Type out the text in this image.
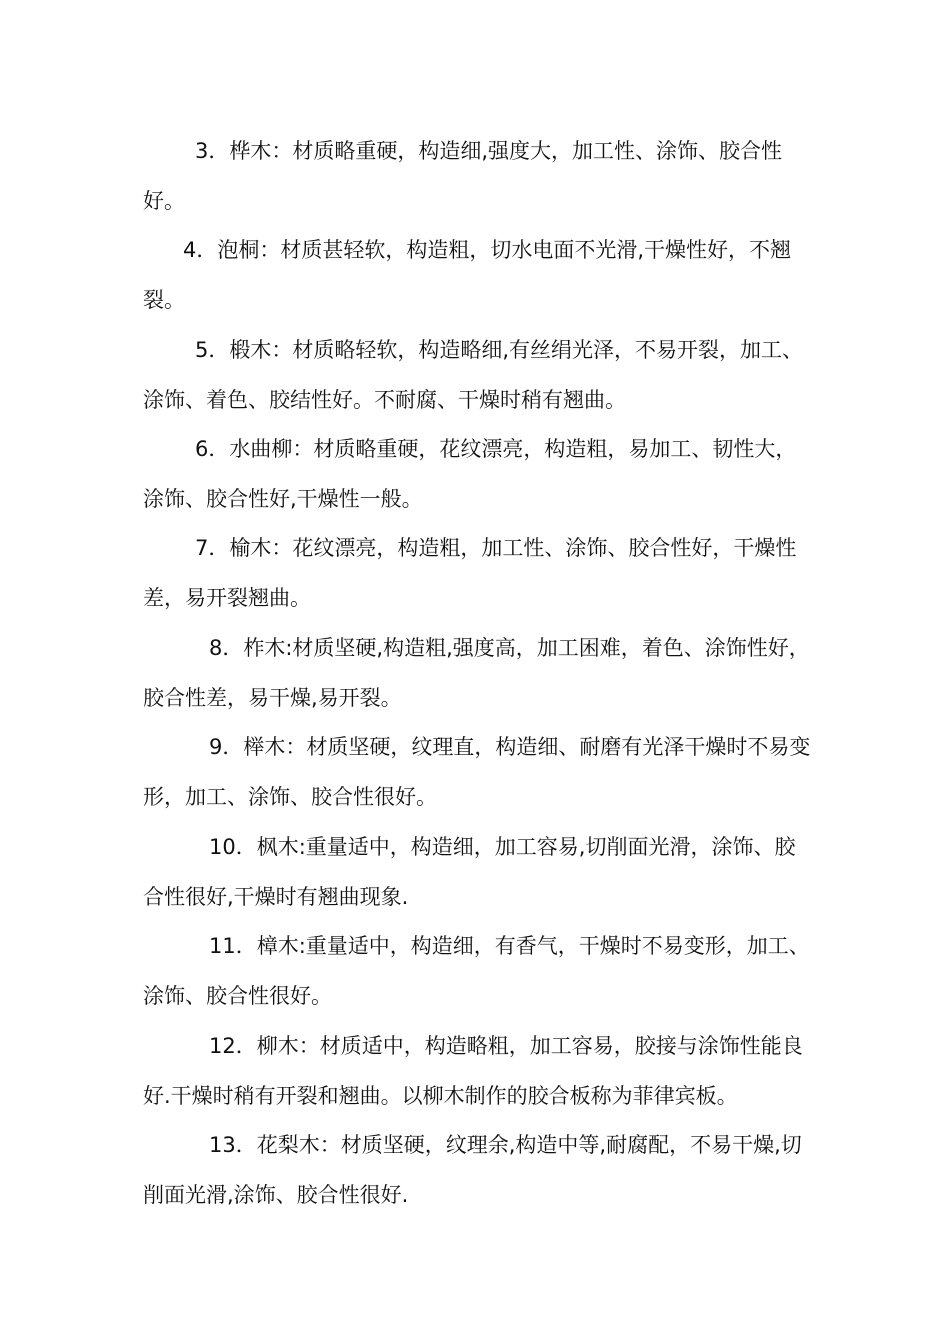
3．桦木：材质略重硬，构造细,强度大，加工性、涂饰、胶合性好。

4．泡桐：材质甚轻软，构造粗，切水电面不光滑,干燥性好，不翘裂。

5．椴木：材质略轻软，构造略细,有丝绢光泽，不易开裂，加工、涂饰、着色、胶结性好。不耐腐、干燥时稍有翘曲。

6．水曲柳：材质略重硬，花纹漂亮，构造粗，易加工、韧性大，涂饰、胶合性好,干燥性一般。

7．榆木：花纹漂亮，构造粗，加工性、涂饰、胶合性好，干燥性差，易开裂翘曲。

8．柞木:材质坚硬,构造粗,强度高，加工困难，着色、涂饰性好，胶合性差，易干燥,易开裂。

9．榉木：材质坚硬，纹理直，构造细、耐磨有光泽干燥时不易变形，加工、涂饰、胶合性很好。

10．枫木:重量适中，构造细，加工容易,切削面光滑，涂饰、胶合性很好,干燥时有翘曲现象.

11．樟木:重量适中，构造细，有香气，干燥时不易变形，加工、涂饰、胶合性很好。

12．柳木：材质适中，构造略粗，加工容易，胶接与涂饰性能良好.干燥时稍有开裂和翘曲。以柳木制作的胶合板称为菲律宾板。

13．花梨木：材质坚硬，纹理余,构造中等,耐腐配，不易干燥,切削面光滑,涂饰、胶合性很好.
